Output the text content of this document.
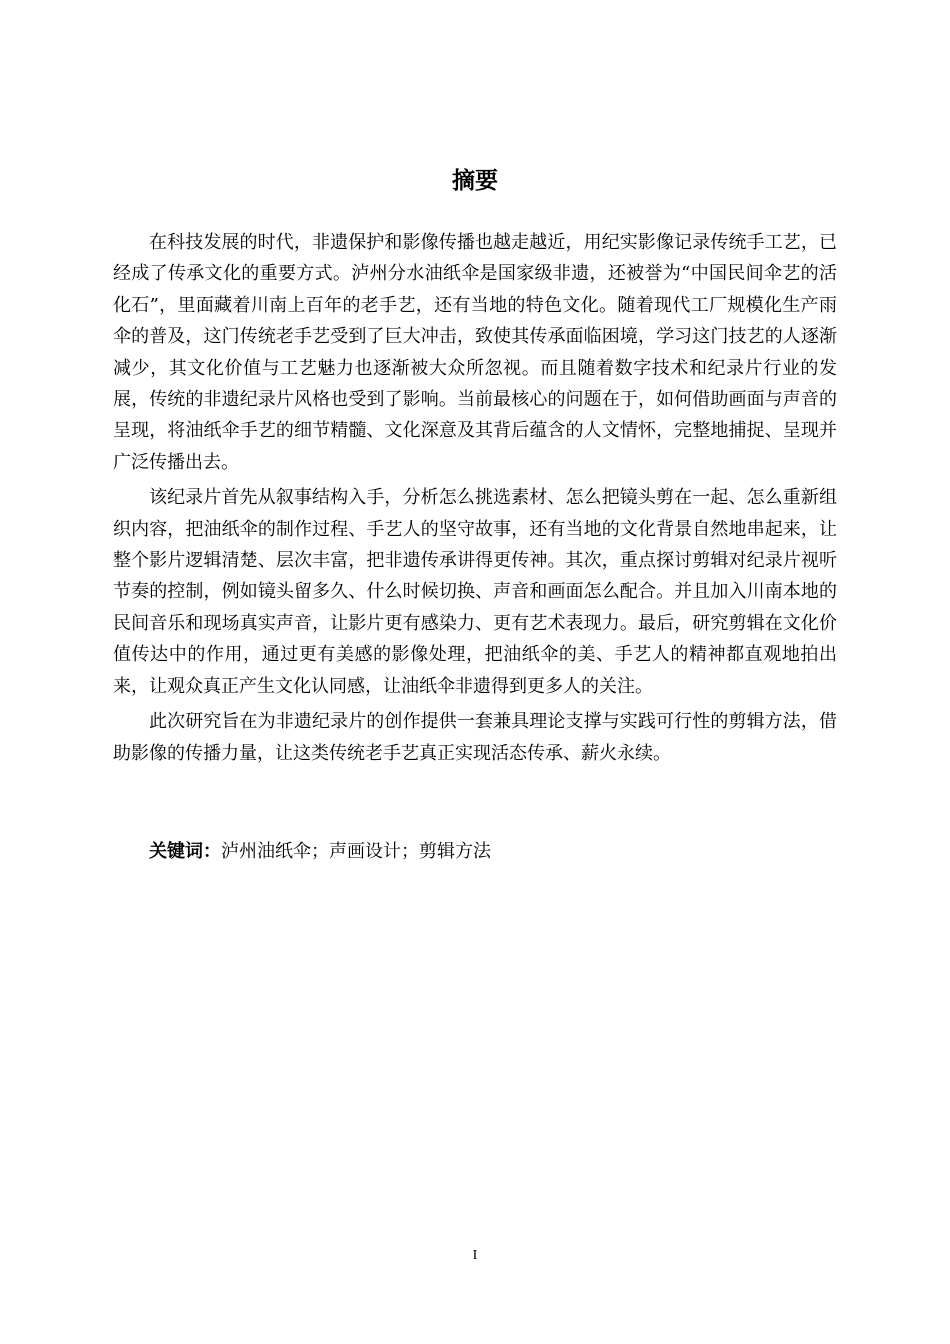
摘要

在科技发展的时代，非遗保护和影像传播也越走越近，用纪实影像记录传统手工艺，已经成了传承文化的重要方式。泸州分水油纸伞是国家级非遗，还被誉为“中国民间伞艺的活化石”，里面藏着川南上百年的老手艺，还有当地的特色文化。随着现代工厂规模化生产雨伞的普及，这门传统老手艺受到了巨大冲击，致使其传承面临困境，学习这门技艺的人逐渐减少，其文化价值与工艺魅力也逐渐被大众所忽视。而且随着数字技术和纪录片行业的发展，传统的非遗纪录片风格也受到了影响。当前最核心的问题在于，如何借助画面与声音的呈现，将油纸伞手艺的细节精髓、文化深意及其背后蕴含的人文情怀，完整地捕捉、呈现并广泛传播出去。

该纪录片首先从叙事结构入手，分析怎么挑选素材、怎么把镜头剪在一起、怎么重新组织内容，把油纸伞的制作过程、手艺人的坚守故事，还有当地的文化背景自然地串起来，让整个影片逻辑清楚、层次丰富，把非遗传承讲得更传神。其次，重点探讨剪辑对纪录片视听节奏的控制，例如镜头留多久、什么时候切换、声音和画面怎么配合。并且加入川南本地的民间音乐和现场真实声音，让影片更有感染力、更有艺术表现力。最后，研究剪辑在文化价值传达中的作用，通过更有美感的影像处理，把油纸伞的美、手艺人的精神都直观地拍出来，让观众真正产生文化认同感，让油纸伞非遗得到更多人的关注。

此次研究旨在为非遗纪录片的创作提供一套兼具理论支撑与实践可行性的剪辑方法，借助影像的传播力量，让这类传统老手艺真正实现活态传承、薪火永续。

关键词：泸州油纸伞；声画设计；剪辑方法
I
